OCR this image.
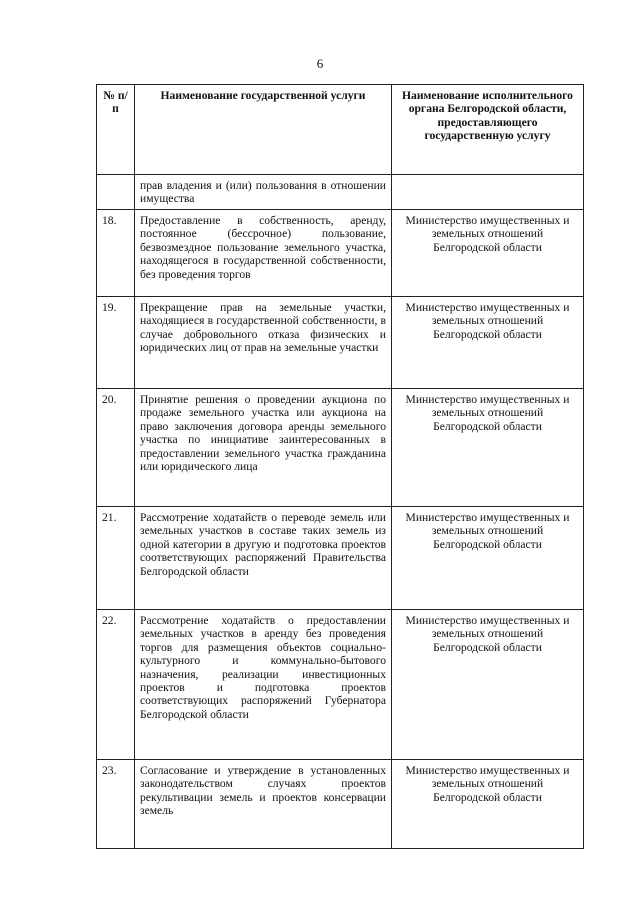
6
№ п/п	Наименование государственной услуги	Наименование исполнительного органа Белгородской области, предоставляющего государственную услугу
	прав владения и (или) пользования в отношении имущества	
18.	Предоставление в собственность, аренду, постоянное (бессрочное) пользование, безвозмездное пользование земельного участка, находящегося в государственной собственности, без проведения торгов	Министерство имущественных и земельных отношений Белгородской области
19.	Прекращение прав на земельные участки, находящиеся в государственной собственности, в случае добровольного отказа физических и юридических лиц от прав на земельные участки	Министерство имущественных и земельных отношений Белгородской области
20.	Принятие решения о проведении аукциона по продаже земельного участка или аукциона на право заключения договора аренды земельного участка по инициативе заинтересованных в предоставлении земельного участка гражданина или юридического лица	Министерство имущественных и земельных отношений Белгородской области
21.	Рассмотрение ходатайств о переводе земель или земельных участков в составе таких земель из одной категории в другую и подготовка проектов соответствующих распоряжений Правительства Белгородской области	Министерство имущественных и земельных отношений Белгородской области
22.	Рассмотрение ходатайств о предоставлении земельных участков в аренду без проведения торгов для размещения объектов социально-культурного и коммунально-бытового назначения, реализации инвестиционных проектов и подготовка проектов соответствующих распоряжений Губернатора Белгородской области	Министерство имущественных и земельных отношений Белгородской области
23.	Согласование и утверждение в установленных законодательством случаях проектов рекультивации земель и проектов консервации земель	Министерство имущественных и земельных отношений Белгородской области
